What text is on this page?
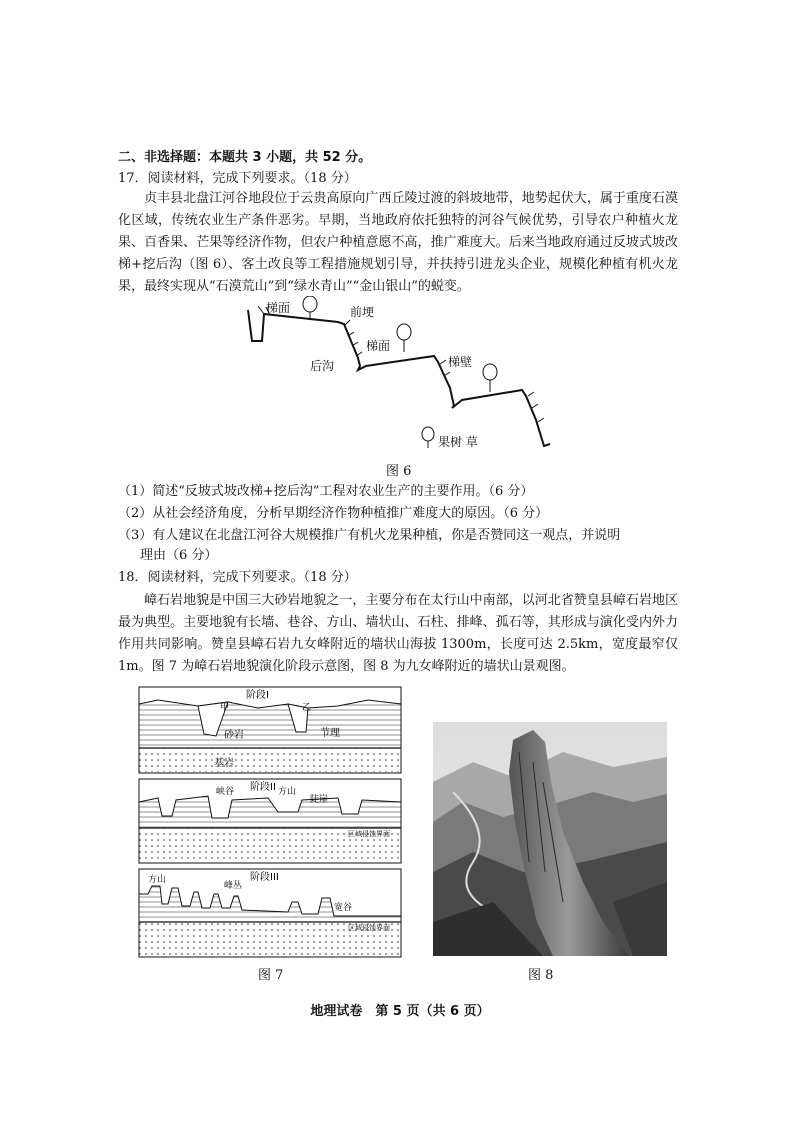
二、非选择题：本题共 3 小题，共 52 分。
17．阅读材料，完成下列要求。（18 分）
贞丰县北盘江河谷地段位于云贵高原向广西丘陵过渡的斜坡地带，地势起伏大，属于重度石漠化区域，传统农业生产条件恶劣。早期，当地政府依托独特的河谷气候优势，引导农户种植火龙果、百香果、芒果等经济作物，但农户种植意愿不高，推广难度大。后来当地政府通过反坡式坡改梯+挖后沟（图 6）、客土改良等工程措施规划引导，并扶持引进龙头企业，规模化种植有机火龙果，最终实现从“石漠荒山”到“绿水青山”“金山银山”的蜕变。
梯面	前埂
梯面
后沟	梯壁
果树 草
图 6
（1）简述“反坡式坡改梯+挖后沟”工程对农业生产的主要作用。（6 分）
（2）从社会经济角度，分析早期经济作物种植推广难度大的原因。（6 分）
（3）有人建议在北盘江河谷大规模推广有机火龙果种植，你是否赞同这一观点，并说明
理由（6 分）
18．阅读材料，完成下列要求。（18 分）
嶂石岩地貌是中国三大砂岩地貌之一，主要分布在太行山中南部，以河北省赞皇县嶂石岩地区最为典型。主要地貌有长墙、巷谷、方山、墙状山、石柱、排峰、孤石等，其形成与演化受内外力作用共同影响。赞皇县嶂石岩九女峰附近的墙状山海拔 1300m，长度可达 2.5km，宽度最窄仅 1m。图 7 为嶂石岩地貌演化阶段示意图，图 8 为九女峰附近的墙状山景观图。
阶段I
甲	乙
砂岩	节理
基岩
阶段II
峡谷	方山
陡崖
区域侵蚀界面
阶段III
方山
峰丛
宽谷
区域侵蚀界面
图 7	图 8
地理试卷　第 5 页（共 6 页）
